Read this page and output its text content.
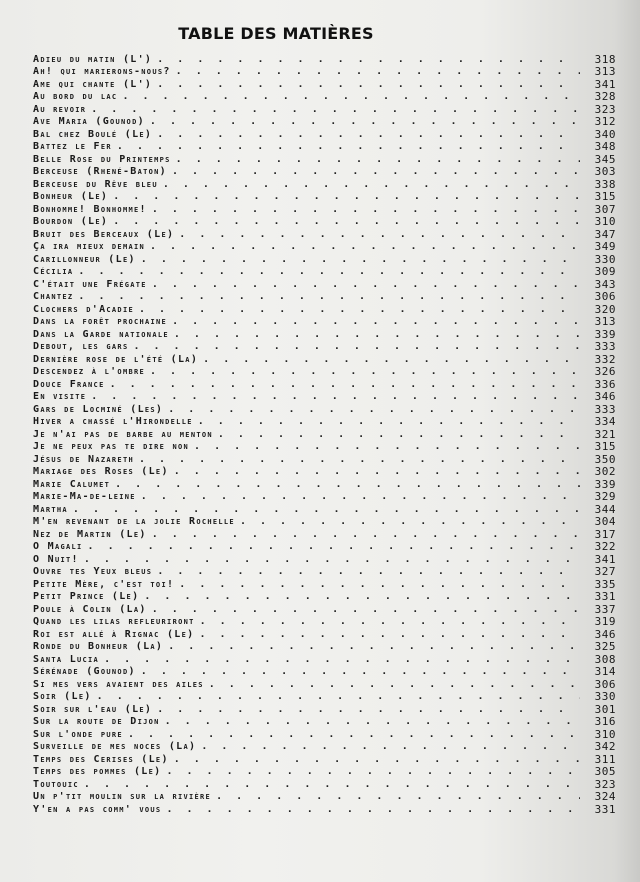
TABLE DES MATIÈRES
Adieu du matin (L') . . .	318
Ah! qui marierons-nous? . . .	313
Ame qui chante (L') . . .	341
Au bord du lac . . .	328
Au revoir . . .	323
Ave Maria (Gounod) . . .	312
Bal chez Boulé (Le) . . .	340
Battez le Fer . . .	348
Belle Rose du Printemps . . .	345
Berceuse (Rhené-Baton) . . .	303
Berceuse du Rêve bleu . . .	338
Bonheur (Le) . . .	315
Bonhomme! Bonhomme! . . .	307
Bourdon (Le) . . .	310
Bruit des Berceaux (Le) . . .	347
Ça ira mieux demain . . .	349
Carillonneur (Le) . . .	330
Cécilia . . .	309
C'était une Frégate . . .	343
Chantez . . .	306
Clochers d'Acadie . . .	320
Dans la forêt prochaine . . .	313
Dans la Garde nationale . . .	339
Debout, les gars . . .	333
Dernière rose de l'été (La) . . .	332
Descendez à l'ombre . . .	326
Douce France . . .	336
En visite . . .	346
Gars de Locminé (Les) . . .	333
Hiver a chassé l'Hirondelle . . .	334
Je n'ai pas de barbe au menton . . .	321
Je ne peux pas te dire non . . .	315
Jésus de Nazareth . . .	350
Mariage des Roses (Le) . . .	302
Marie Calumet . . .	339
Marie-Ma-de-leine . . .	329
Martha . . .	344
M'en revenant de la jolie Rochelle . . .	304
Nez de Martin (Le) . . .	317
O Magali . . .	322
O Nuit! . . .	341
Ouvre tes Yeux bleus . . .	327
Petite Mère, c'est toi! . . .	335
Petit Prince (Le) . . .	331
Poule à Colin (La) . . .	337
Quand les lilas refleuriront . . .	319
Roi est allé à Rignac (Le) . . .	346
Ronde du Bonheur (La) . . .	325
Santa Lucia . . .	308
Sérénade (Gounod) . . .	314
Si mes vers avaient des ailes . . .	306
Soir (Le) . . .	330
Soir sur l'eau (Le) . . .	301
Sur la route de Dijon . . .	316
Sur l'onde pure . . .	310
Surveille de mes noces (La) . . .	342
Temps des Cerises (Le) . . .	311
Temps des pommes (Le) . . .	305
Toutouic . . .	323
Un p'tit moulin sur la rivière . . .	324
Y'en a pas comm' vous . . .	331
